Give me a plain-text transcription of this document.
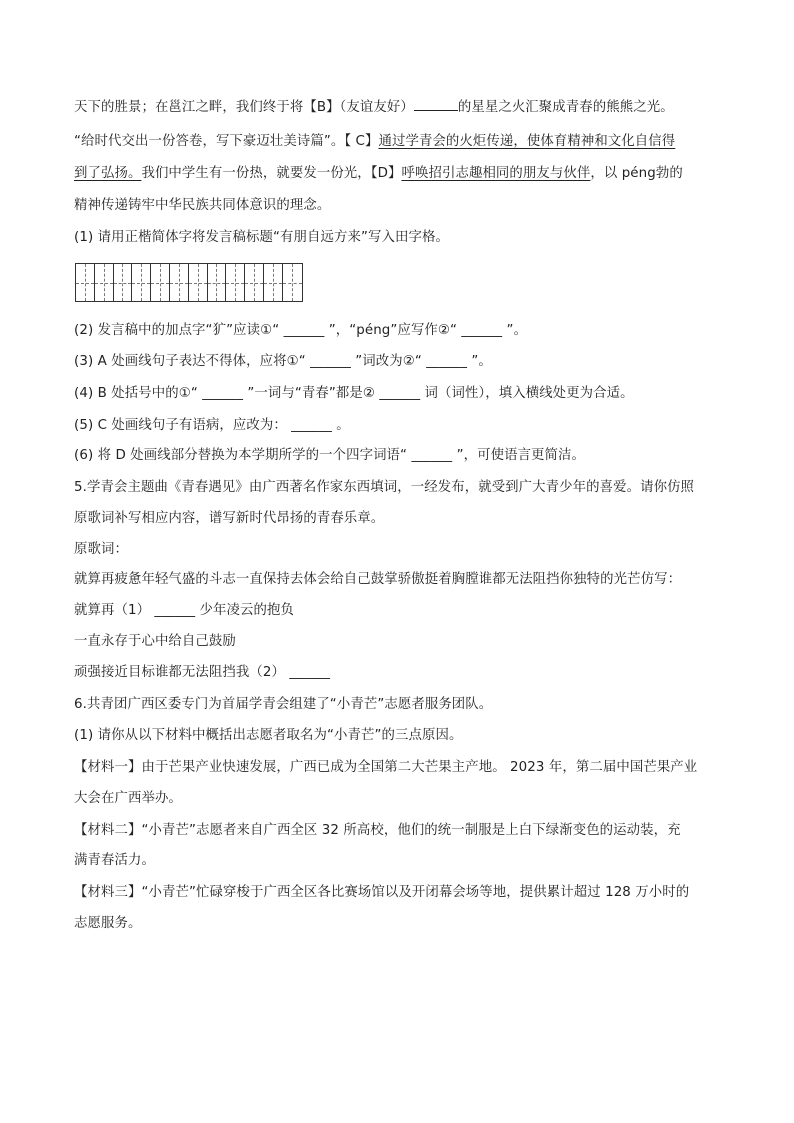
天下的胜景；在邕江之畔，我们终于将【B】（友谊友好）	的星星之火汇聚成青春的熊熊之光。
“给时代交出一份答卷，写下豪迈壮美诗篇”。【 C】通过学青会的火炬传递，使体育精神和文化自信得
到了弘扬。我们中学生有一份热，就要发一份光，【D】呼唤招引志趣相同的朋友与伙伴，以 péng勃的
精神传递铸牢中华民族共同体意识的理念。
(1) 请用正楷简体字将发言稿标题“有朋自远方来”写入田字格。
(2) 发言稿中的加点字“犷”应读①“ ______ ”，“péng”应写作②“ ______ ”。
(3) A 处画线句子表达不得体，应将①“ ______ ”词改为②“ ______ ”。
(4) B 处括号中的①“ ______ ”一词与“青春”都是② ______ 词（词性），填入横线处更为合适。
(5) C 处画线句子有语病，应改为： ______ 。
(6) 将 D 处画线部分替换为本学期所学的一个四字词语“ ______ ”，可使语言更简洁。
5.学青会主题曲《青春遇见》由广西著名作家东西填词，一经发布，就受到广大青少年的喜爱。请你仿照
原歌词补写相应内容，谱写新时代昂扬的青春乐章。
原歌词：
就算再疲惫年轻气盛的斗志一直保持去体会给自己鼓掌骄傲挺着胸膛谁都无法阻挡你独特的光芒仿写：
就算再（1） ______ 少年凌云的抱负
一直永存于心中给自己鼓励
顽强接近目标谁都无法阻挡我（2） ______
6.共青团广西区委专门为首届学青会组建了“小青芒”志愿者服务团队。
(1) 请你从以下材料中概括出志愿者取名为“小青芒”的三点原因。
【材料一】由于芒果产业快速发展，广西已成为全国第二大芒果主产地。 2023 年，第二届中国芒果产业
大会在广西举办。
【材料二】“小青芒”志愿者来自广西全区 32 所高校，他们的统一制服是上白下绿渐变色的运动装，充
满青春活力。
【材料三】“小青芒”忙碌穿梭于广西全区各比赛场馆以及开闭幕会场等地，提供累计超过 128 万小时的
志愿服务。
